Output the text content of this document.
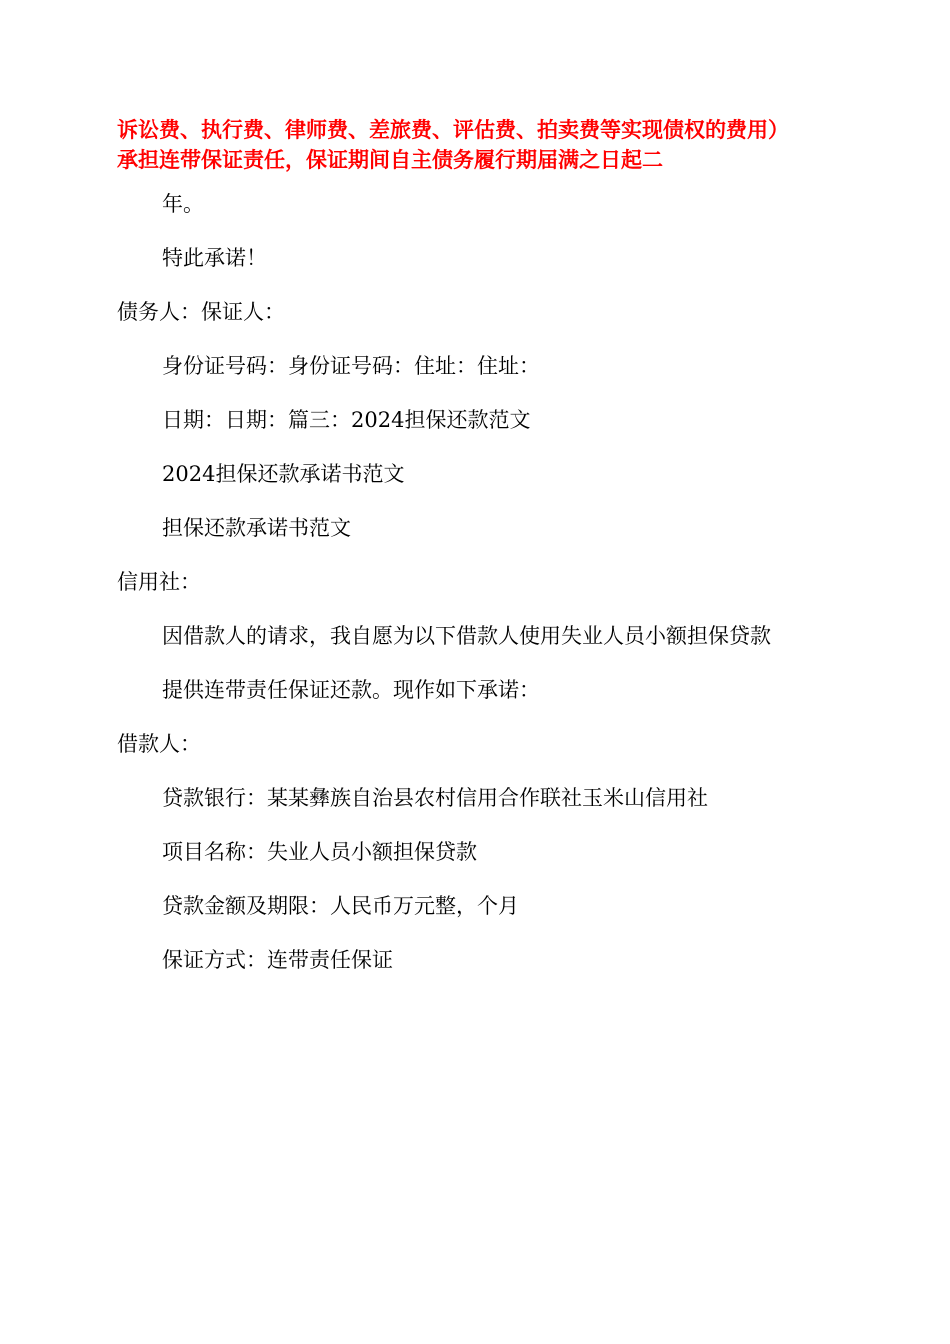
诉讼费、执行费、律师费、差旅费、评估费、拍卖费等实现债权的费用）
承担连带保证责任，保证期间自主债务履行期届满之日起二
年。
特此承诺！
债务人：保证人：
身份证号码：身份证号码：住址：住址：
日期：日期：篇三：2024担保还款范文
2024担保还款承诺书范文
担保还款承诺书范文
信用社：
因借款人的请求，我自愿为以下借款人使用失业人员小额担保贷款
提供连带责任保证还款。现作如下承诺：
借款人：
贷款银行：某某彝族自治县农村信用合作联社玉米山信用社
项目名称：失业人员小额担保贷款
贷款金额及期限：人民币万元整，个月
保证方式：连带责任保证
